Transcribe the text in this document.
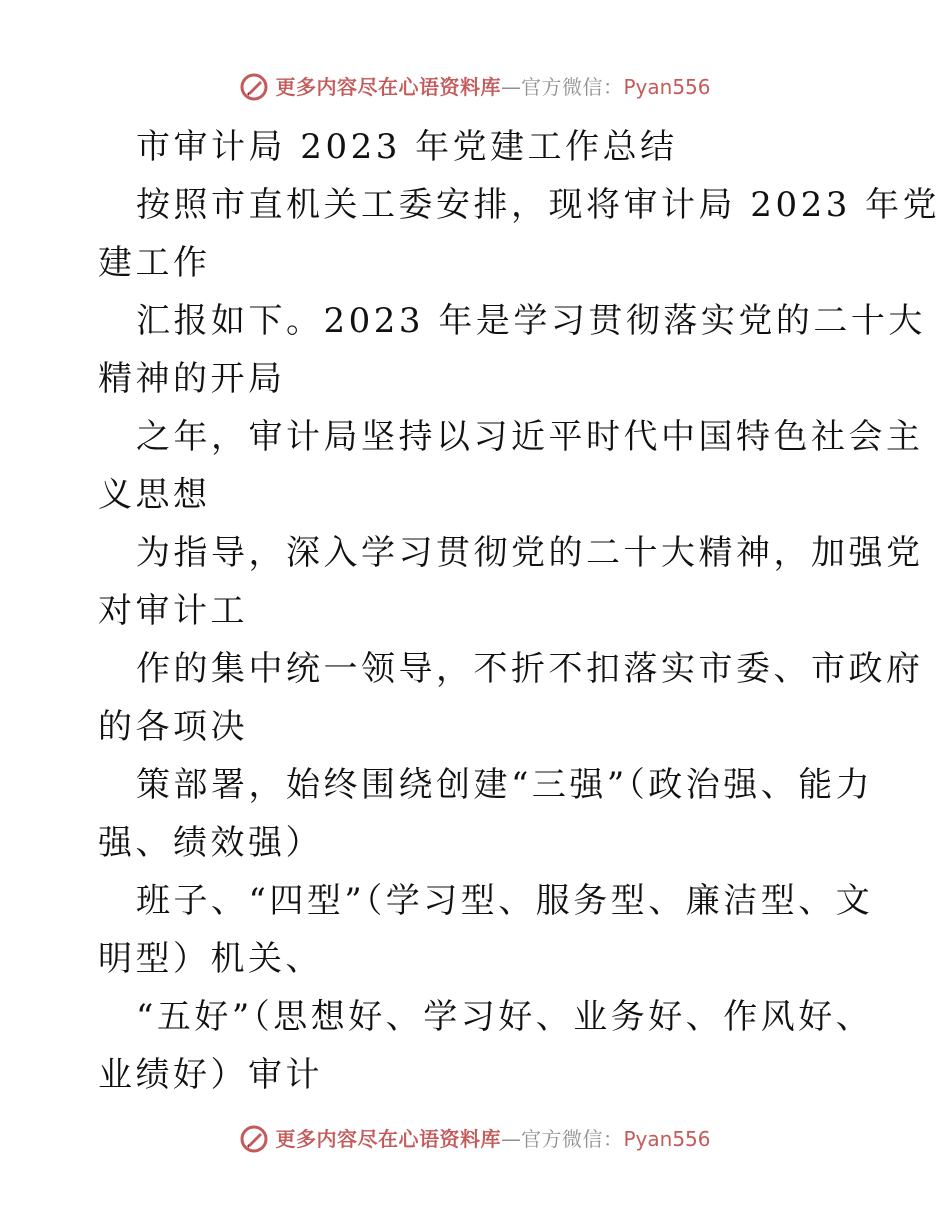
更多内容尽在心语资料库 — 官方微信： Pyan556
市审计局 2023 年党建工作总结
按照市直机关工委安排，现将审计局 2023 年党
建工作
汇报如下。2023 年是学习贯彻落实党的二十大
精神的开局
之年，审计局坚持以习近平时代中国特色社会主
义思想
为指导，深入学习贯彻党的二十大精神，加强党
对审计工
作的集中统一领导，不折不扣落实市委、市政府
的各项决
策部署，始终围绕创建“三强”（政治强、能力
强、绩效强）
班子、“四型”（学习型、服务型、廉洁型、文
明型）机关、
“五好”（思想好、学习好、业务好、作风好、
业绩好）审计
更多内容尽在心语资料库 — 官方微信： Pyan556
